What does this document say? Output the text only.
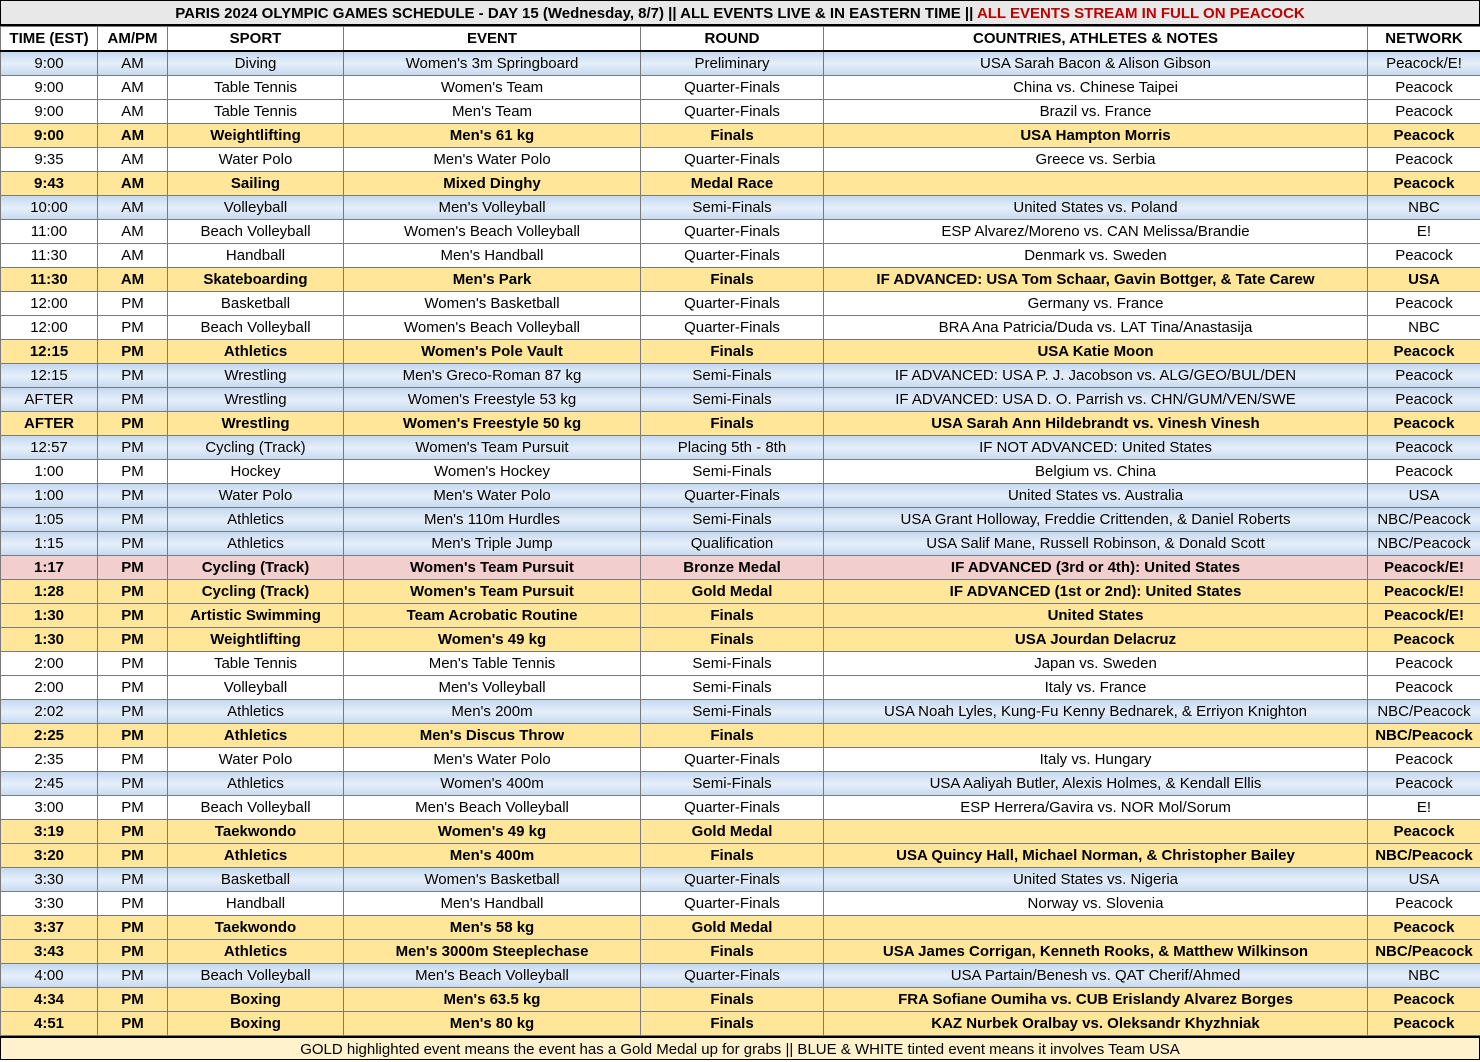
PARIS 2024 OLYMPIC GAMES SCHEDULE - DAY 15 (Wednesday, 8/7) || ALL EVENTS LIVE & IN EASTERN TIME || ALL EVENTS STREAM IN FULL ON PEACOCK
TIME (EST)	AM/PM	SPORT	EVENT	ROUND	COUNTRIES, ATHLETES & NOTES	NETWORK
9:00	AM	Diving	Women's 3m Springboard	Preliminary	USA Sarah Bacon & Alison Gibson	Peacock/E!
9:00	AM	Table Tennis	Women's Team	Quarter-Finals	China vs. Chinese Taipei	Peacock
9:00	AM	Table Tennis	Men's Team	Quarter-Finals	Brazil vs. France	Peacock
9:00	AM	Weightlifting	Men's 61 kg	Finals	USA Hampton Morris	Peacock
9:35	AM	Water Polo	Men's Water Polo	Quarter-Finals	Greece vs. Serbia	Peacock
9:43	AM	Sailing	Mixed Dinghy	Medal Race		Peacock
10:00	AM	Volleyball	Men's Volleyball	Semi-Finals	United States vs. Poland	NBC
11:00	AM	Beach Volleyball	Women's Beach Volleyball	Quarter-Finals	ESP Alvarez/Moreno vs. CAN Melissa/Brandie	E!
11:30	AM	Handball	Men's Handball	Quarter-Finals	Denmark vs. Sweden	Peacock
11:30	AM	Skateboarding	Men's Park	Finals	IF ADVANCED: USA Tom Schaar, Gavin Bottger, & Tate Carew	USA
12:00	PM	Basketball	Women's Basketball	Quarter-Finals	Germany vs. France	Peacock
12:00	PM	Beach Volleyball	Women's Beach Volleyball	Quarter-Finals	BRA Ana Patricia/Duda vs. LAT Tina/Anastasija	NBC
12:15	PM	Athletics	Women's Pole Vault	Finals	USA Katie Moon	Peacock
12:15	PM	Wrestling	Men's Greco-Roman 87 kg	Semi-Finals	IF ADVANCED: USA P. J. Jacobson vs. ALG/GEO/BUL/DEN	Peacock
AFTER	PM	Wrestling	Women's Freestyle 53 kg	Semi-Finals	IF ADVANCED: USA D. O. Parrish vs. CHN/GUM/VEN/SWE	Peacock
AFTER	PM	Wrestling	Women's Freestyle 50 kg	Finals	USA Sarah Ann Hildebrandt vs. Vinesh Vinesh	Peacock
12:57	PM	Cycling (Track)	Women's Team Pursuit	Placing 5th - 8th	IF NOT ADVANCED: United States	Peacock
1:00	PM	Hockey	Women's Hockey	Semi-Finals	Belgium vs. China	Peacock
1:00	PM	Water Polo	Men's Water Polo	Quarter-Finals	United States vs. Australia	USA
1:05	PM	Athletics	Men's 110m Hurdles	Semi-Finals	USA Grant Holloway, Freddie Crittenden, & Daniel Roberts	NBC/Peacock
1:15	PM	Athletics	Men's Triple Jump	Qualification	USA Salif Mane, Russell Robinson, & Donald Scott	NBC/Peacock
1:17	PM	Cycling (Track)	Women's Team Pursuit	Bronze Medal	IF ADVANCED (3rd or 4th): United States	Peacock/E!
1:28	PM	Cycling (Track)	Women's Team Pursuit	Gold Medal	IF ADVANCED (1st or 2nd): United States	Peacock/E!
1:30	PM	Artistic Swimming	Team Acrobatic Routine	Finals	United States	Peacock/E!
1:30	PM	Weightlifting	Women's 49 kg	Finals	USA Jourdan Delacruz	Peacock
2:00	PM	Table Tennis	Men's Table Tennis	Semi-Finals	Japan vs. Sweden	Peacock
2:00	PM	Volleyball	Men's Volleyball	Semi-Finals	Italy vs. France	Peacock
2:02	PM	Athletics	Men's 200m	Semi-Finals	USA Noah Lyles, Kung-Fu Kenny Bednarek, & Erriyon Knighton	NBC/Peacock
2:25	PM	Athletics	Men's Discus Throw	Finals		NBC/Peacock
2:35	PM	Water Polo	Men's Water Polo	Quarter-Finals	Italy vs. Hungary	Peacock
2:45	PM	Athletics	Women's 400m	Semi-Finals	USA Aaliyah Butler, Alexis Holmes, & Kendall Ellis	Peacock
3:00	PM	Beach Volleyball	Men's Beach Volleyball	Quarter-Finals	ESP Herrera/Gavira vs. NOR Mol/Sorum	E!
3:19	PM	Taekwondo	Women's 49 kg	Gold Medal		Peacock
3:20	PM	Athletics	Men's 400m	Finals	USA Quincy Hall, Michael Norman, & Christopher Bailey	NBC/Peacock
3:30	PM	Basketball	Women's Basketball	Quarter-Finals	United States vs. Nigeria	USA
3:30	PM	Handball	Men's Handball	Quarter-Finals	Norway vs. Slovenia	Peacock
3:37	PM	Taekwondo	Men's 58 kg	Gold Medal		Peacock
3:43	PM	Athletics	Men's 3000m Steeplechase	Finals	USA James Corrigan, Kenneth Rooks, & Matthew Wilkinson	NBC/Peacock
4:00	PM	Beach Volleyball	Men's Beach Volleyball	Quarter-Finals	USA Partain/Benesh vs. QAT Cherif/Ahmed	NBC
4:34	PM	Boxing	Men's 63.5 kg	Finals	FRA Sofiane Oumiha vs. CUB Erislandy Alvarez Borges	Peacock
4:51	PM	Boxing	Men's 80 kg	Finals	KAZ Nurbek Oralbay vs. Oleksandr Khyzhniak	Peacock
GOLD highlighted event means the event has a Gold Medal up for grabs || BLUE & WHITE tinted event means it involves Team USA
